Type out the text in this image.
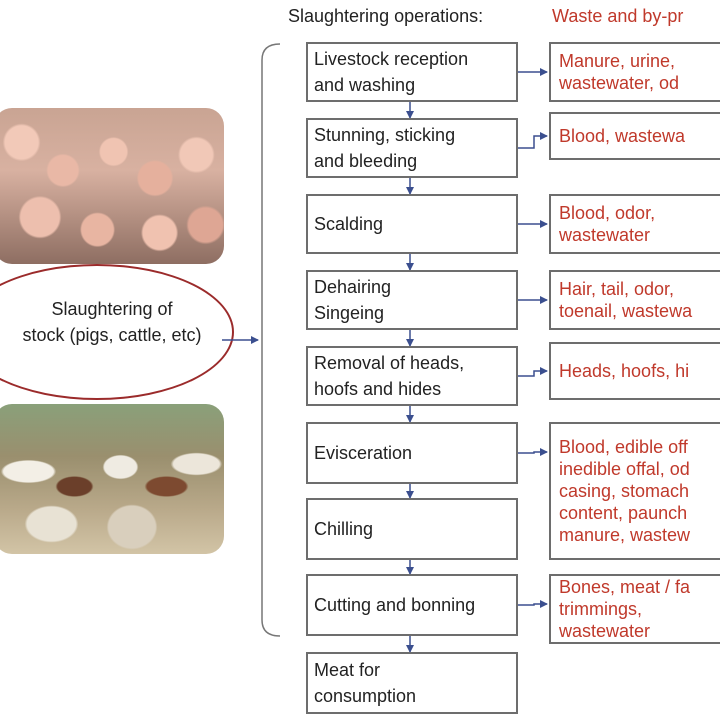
Slaughtering operations:	Waste and by-pr
Slaughtering of
stock (pigs, cattle, etc)
Livestock reception
and washing
Stunning, sticking
and bleeding
Scalding
Dehairing
Singeing
Removal of heads,
hoofs and hides
Evisceration
Chilling
Cutting and bonning
Meat for
consumption
Manure, urine,
wastewater, od
Blood, wastewa
Blood, odor,
wastewater
Hair, tail, odor,
toenail, wastewa
Heads, hoofs, hi
Blood, edible off
inedible offal, od
casing, stomach
content, paunch
manure, wastew
Bones, meat / fa
trimmings,
wastewater
